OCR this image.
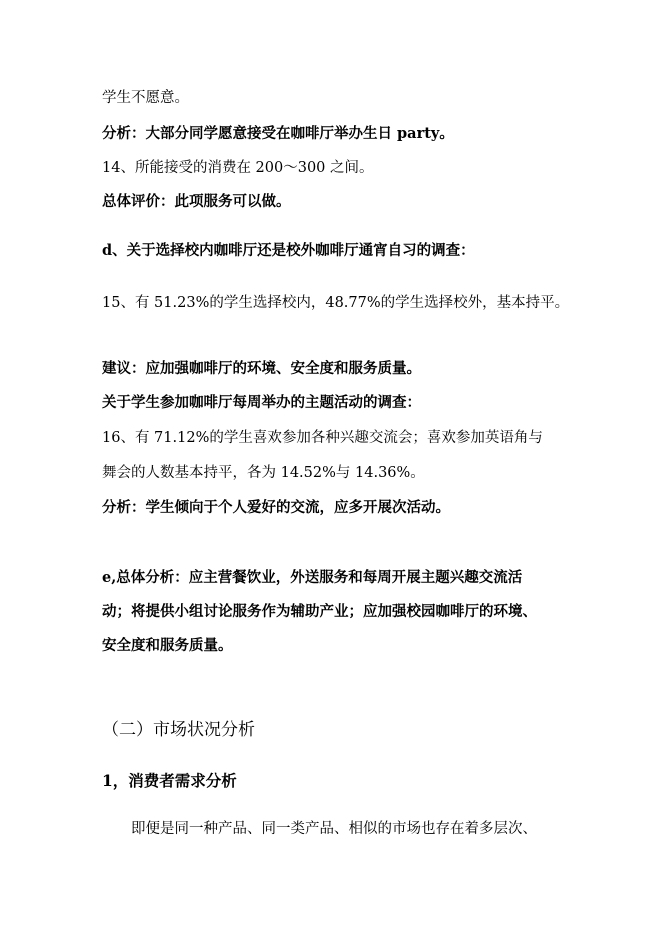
学生不愿意。
分析：大部分同学愿意接受在咖啡厅举办生日 party。
14、所能接受的消费在 200～300 之间。
总体评价：此项服务可以做。
d、关于选择校内咖啡厅还是校外咖啡厅通宵自习的调查：
15、有 51.23%的学生选择校内，48.77%的学生选择校外，基本持平。
建议：应加强咖啡厅的环境、安全度和服务质量。
关于学生参加咖啡厅每周举办的主题活动的调查：
16、有 71.12%的学生喜欢参加各种兴趣交流会；喜欢参加英语角与
舞会的人数基本持平，各为 14.52%与 14.36%。
分析：学生倾向于个人爱好的交流，应多开展次活动。
e,总体分析：应主营餐饮业，外送服务和每周开展主题兴趣交流活
动；将提供小组讨论服务作为辅助产业；应加强校园咖啡厅的环境、
安全度和服务质量。
（二）市场状况分析
1，消费者需求分析
即便是同一种产品、同一类产品、相似的市场也存在着多层次、
